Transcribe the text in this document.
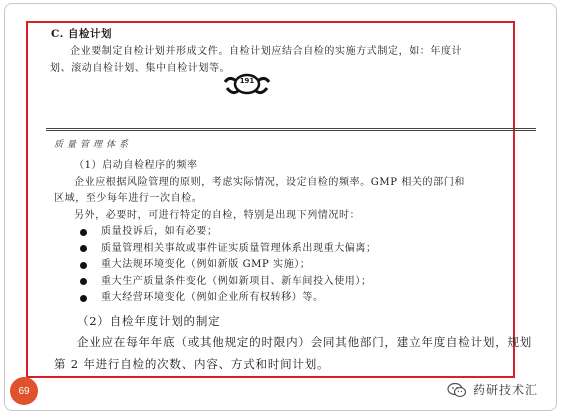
C. 自检计划

企业要制定自检计划并形成文件。自检计划应结合自检的实施方式制定，如：年度计

划、滚动自检计划、集中自检计划等。

191
质量管理体系
（1）启动自检程序的频率
企业应根据风险管理的原则，考虑实际情况，设定自检的频率。GMP 相关的部门和
区域，至少每年进行一次自检。
另外，必要时，可进行特定的自检，特别是出现下列情况时：
质量投诉后，如有必要；
质量管理相关事故或事件证实质量管理体系出现重大偏离；
重大法规环境变化（例如新版 GMP 实施）；
重大生产质量条件变化（例如新项目、新车间投入使用）；
重大经营环境变化（例如企业所有权转移）等。
（2）自检年度计划的制定
企业应在每年年底（或其他规定的时限内）会同其他部门，建立年度自检计划，规划
第 2 年进行自检的次数、内容、方式和时间计划。
69	药研技术汇
